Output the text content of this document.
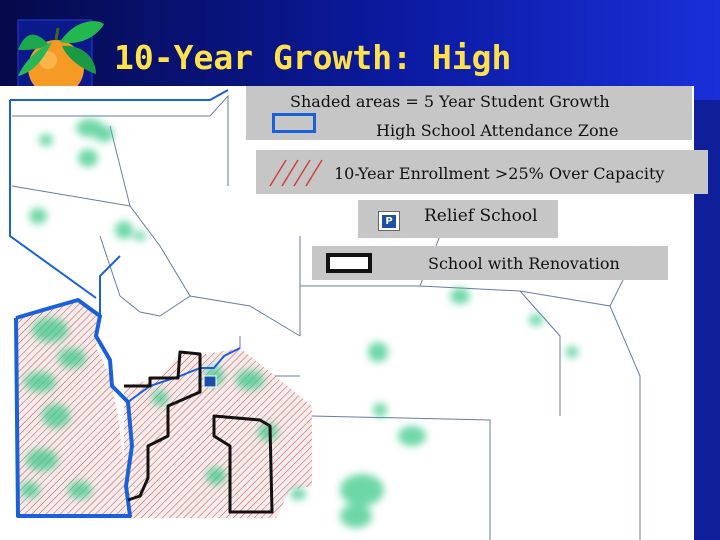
10-Year Growth: High
Shaded areas = 5 Year Student Growth
High School Attendance Zone
10-Year Enrollment >25% Over Capacity
P Relief School
School with Renovation
